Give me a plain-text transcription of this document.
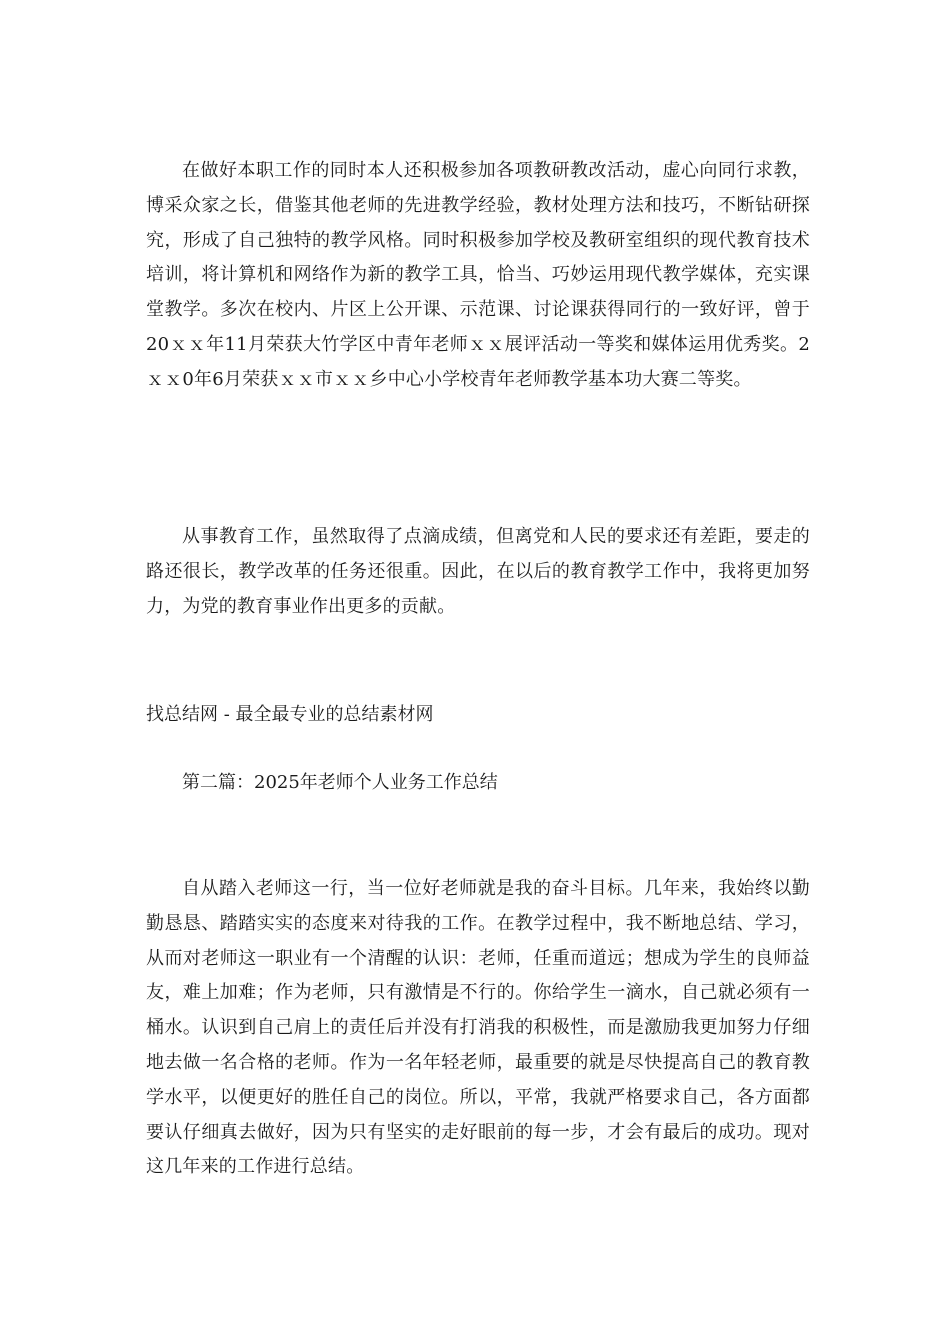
在做好本职工作的同时本人还积极参加各项教研教改活动，虚心向同行求教，博采众家之长，借鉴其他老师的先进教学经验，教材处理方法和技巧，不断钻研探究，形成了自己独特的教学风格。同时积极参加学校及教研室组织的现代教育技术培训，将计算机和网络作为新的教学工具，恰当、巧妙运用现代教学媒体，充实课堂教学。多次在校内、片区上公开课、示范课、讨论课获得同行的一致好评，曾于20ｘｘ年11月荣获大竹学区中青年老师ｘｘ展评活动一等奖和媒体运用优秀奖。2ｘｘ0年6月荣获ｘｘ市ｘｘ乡中心小学校青年老师教学基本功大赛二等奖。

从事教育工作，虽然取得了点滴成绩，但离党和人民的要求还有差距，要走的路还很长，教学改革的任务还很重。因此，在以后的教育教学工作中，我将更加努力，为党的教育事业作出更多的贡献。

找总结网 - 最全最专业的总结素材网

第二篇：2025年老师个人业务工作总结

自从踏入老师这一行，当一位好老师就是我的奋斗目标。几年来，我始终以勤勤恳恳、踏踏实实的态度来对待我的工作。在教学过程中，我不断地总结、学习，从而对老师这一职业有一个清醒的认识：老师，任重而道远；想成为学生的良师益友，难上加难；作为老师，只有激情是不行的。你给学生一滴水，自己就必须有一桶水。认识到自己肩上的责任后并没有打消我的积极性，而是激励我更加努力仔细地去做一名合格的老师。作为一名年轻老师，最重要的就是尽快提高自己的教育教学水平，以便更好的胜任自己的岗位。所以，平常，我就严格要求自己，各方面都要认仔细真去做好，因为只有坚实的走好眼前的每一步，才会有最后的成功。现对这几年来的工作进行总结。
